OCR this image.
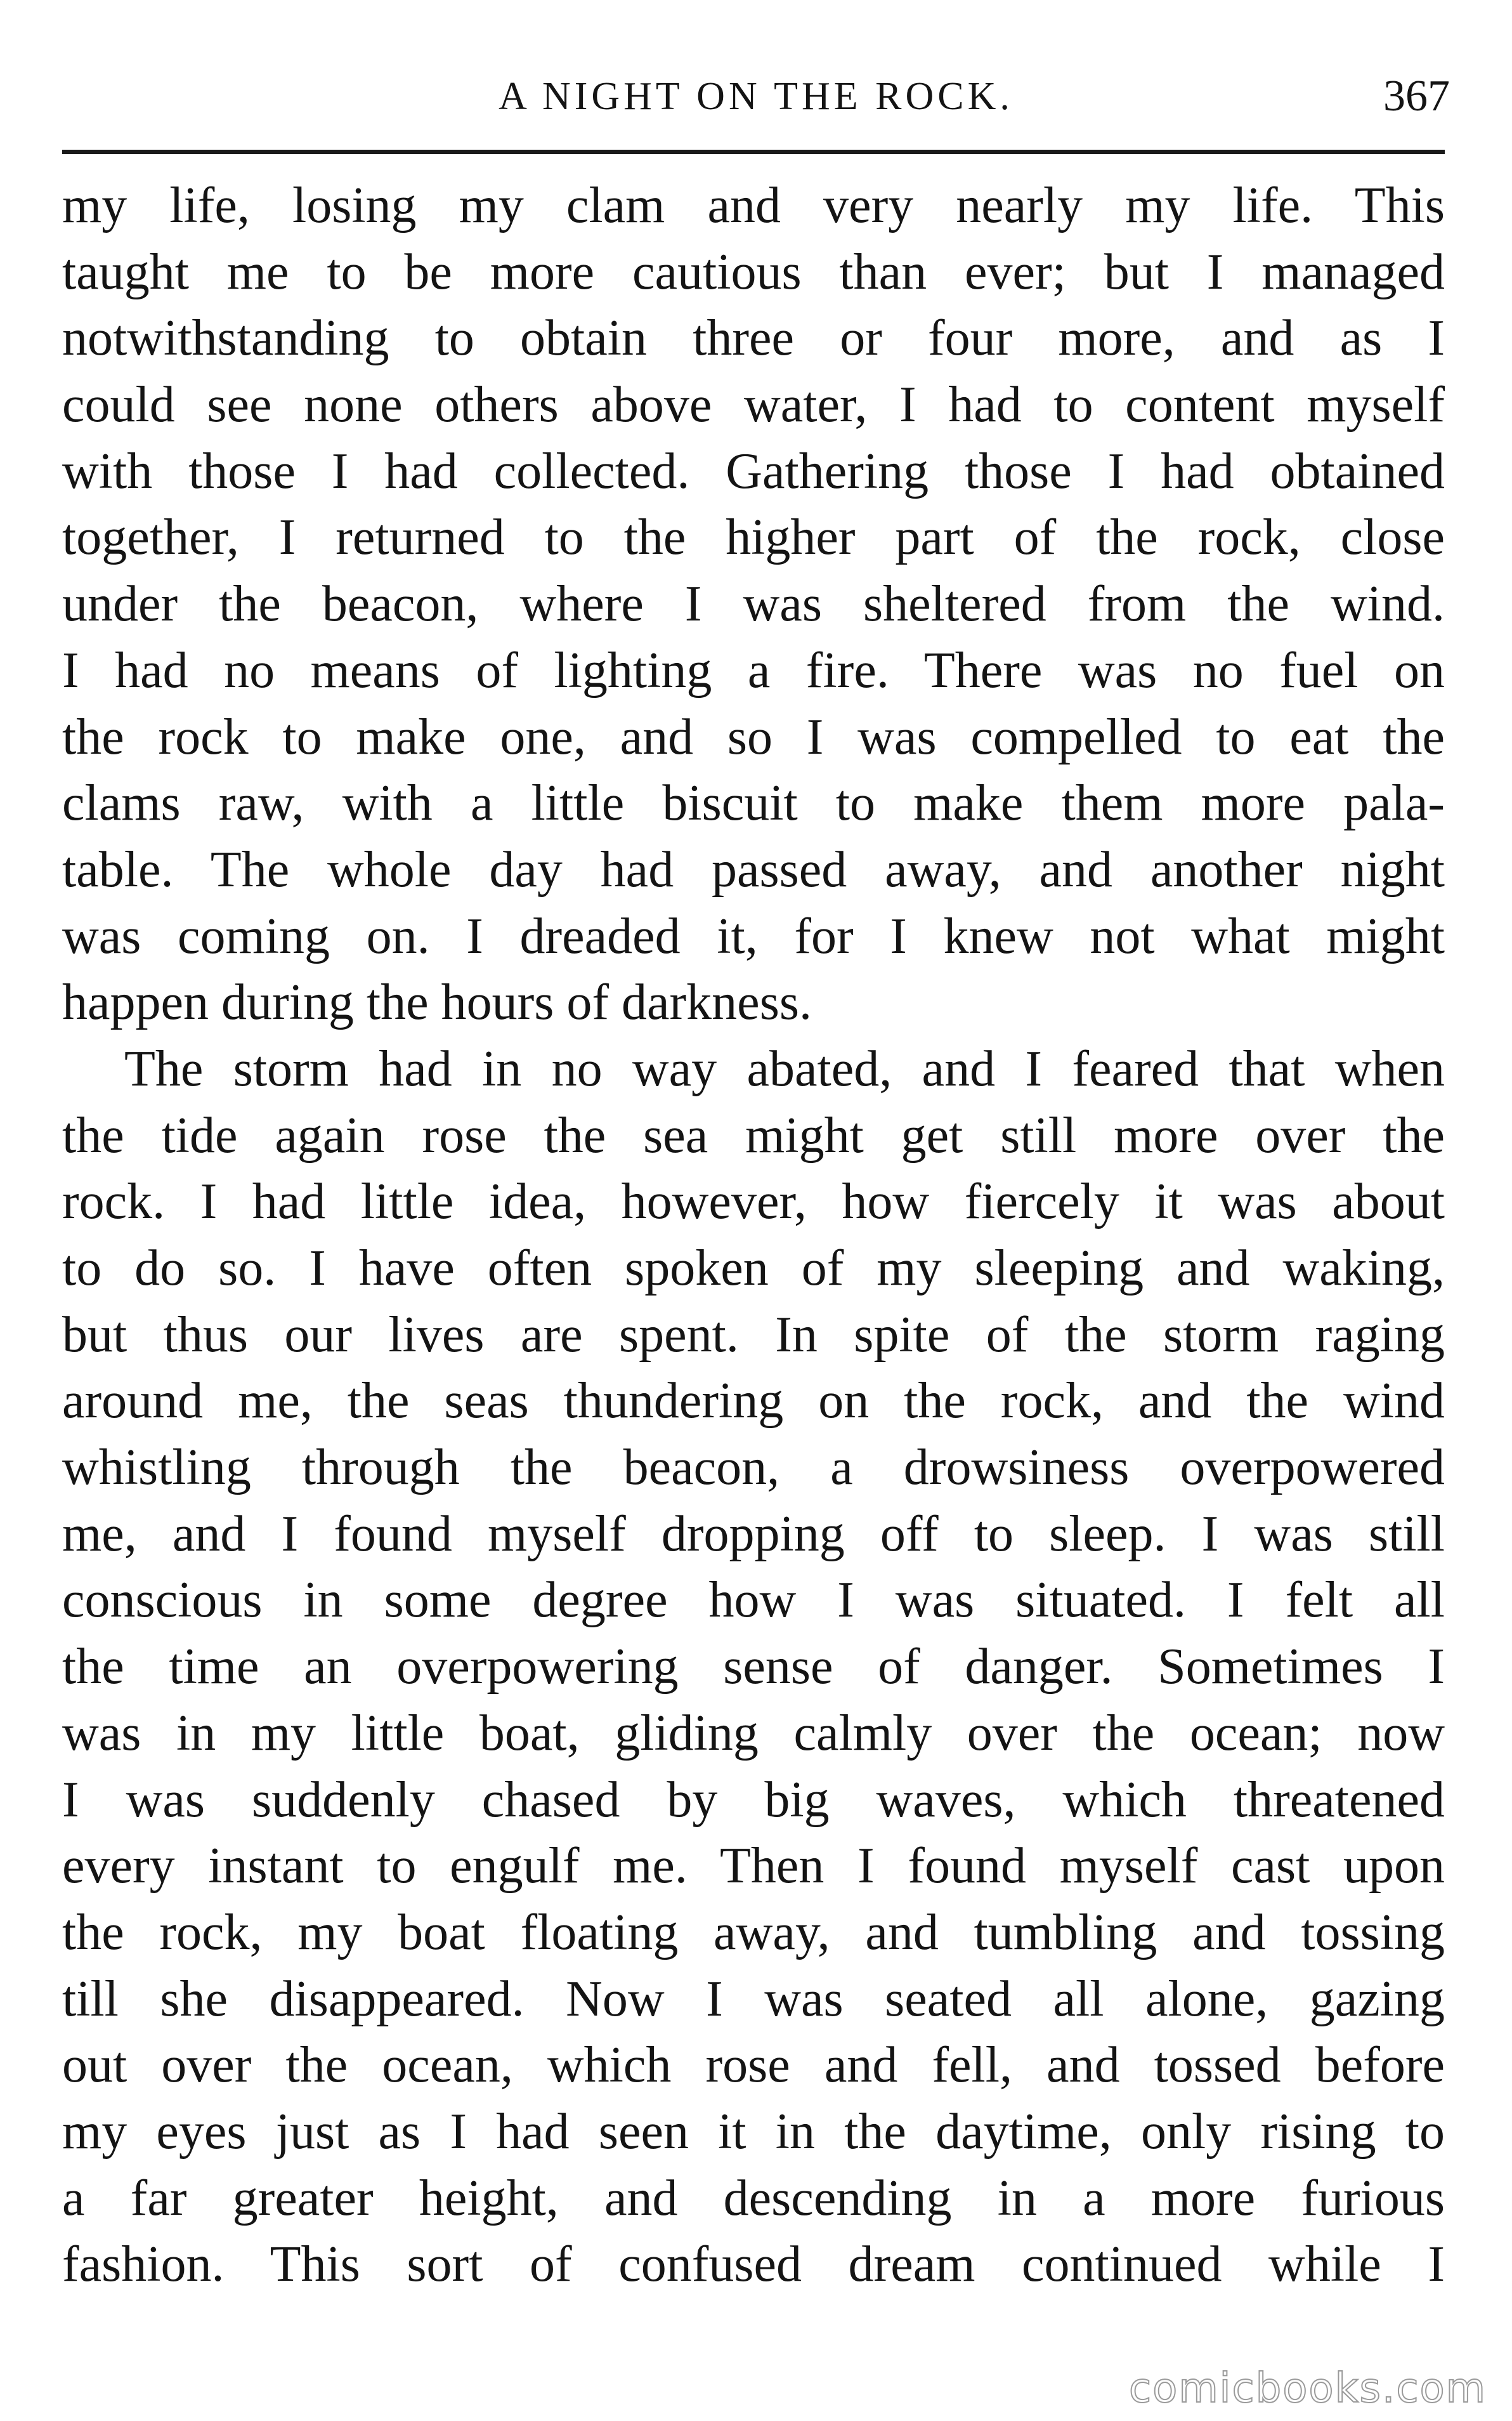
A NIGHT ON THE ROCK.	367
my life, losing my clam and very nearly my life. This
taught me to be more cautious than ever; but I managed
notwithstanding to obtain three or four more, and as I
could see none others above water, I had to content myself
with those I had collected. Gathering those I had obtained
together, I returned to the higher part of the rock, close
under the beacon, where I was sheltered from the wind.
I had no means of lighting a fire. There was no fuel on
the rock to make one, and so I was compelled to eat the
clams raw, with a little biscuit to make them more pala-
table. The whole day had passed away, and another night
was coming on. I dreaded it, for I knew not what might
happen during the hours of darkness.
The storm had in no way abated, and I feared that when
the tide again rose the sea might get still more over the
rock. I had little idea, however, how fiercely it was about
to do so. I have often spoken of my sleeping and waking,
but thus our lives are spent. In spite of the storm raging
around me, the seas thundering on the rock, and the wind
whistling through the beacon, a drowsiness overpowered
me, and I found myself dropping off to sleep. I was still
conscious in some degree how I was situated. I felt all
the time an overpowering sense of danger. Sometimes I
was in my little boat, gliding calmly over the ocean; now
I was suddenly chased by big waves, which threatened
every instant to engulf me. Then I found myself cast upon
the rock, my boat floating away, and tumbling and tossing
till she disappeared. Now I was seated all alone, gazing
out over the ocean, which rose and fell, and tossed before
my eyes just as I had seen it in the daytime, only rising to
a far greater height, and descending in a more furious
fashion. This sort of confused dream continued while I
comicbooks.com
